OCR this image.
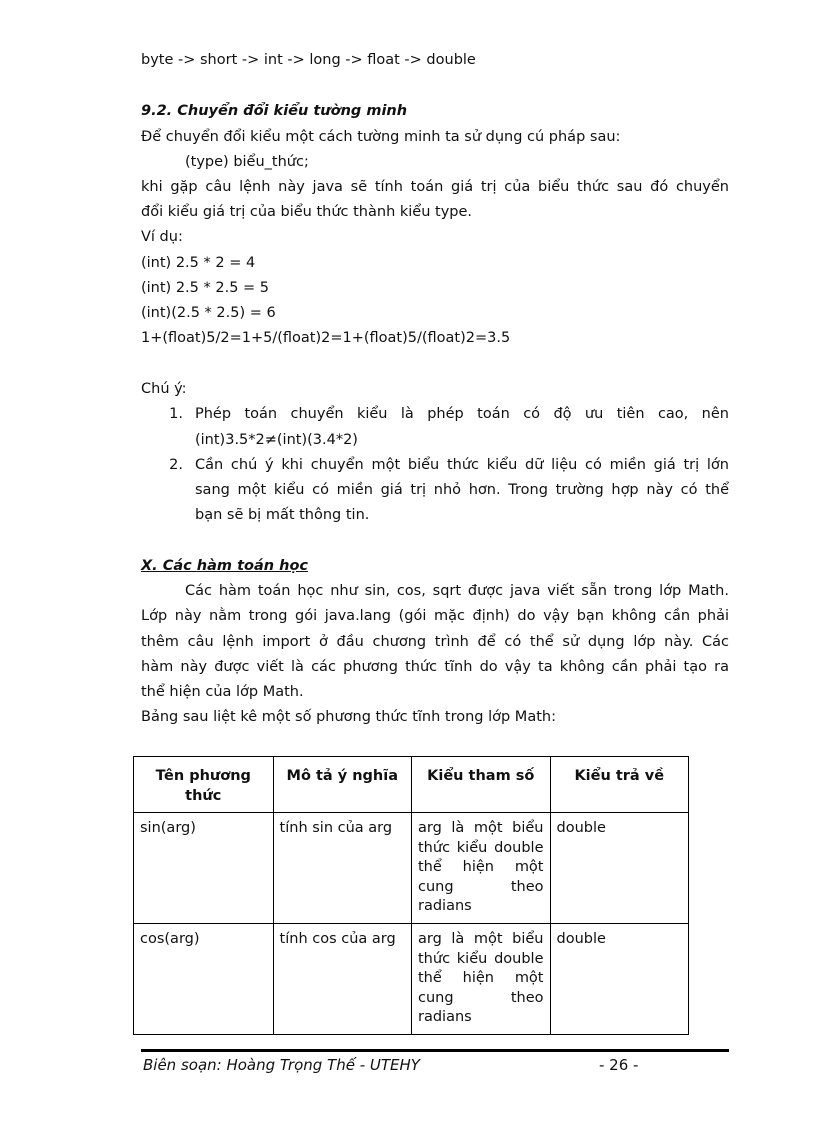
byte -> short -> int -> long -> float -> double
9.2. Chuyển đổi kiểu tường minh
Để chuyển đổi kiểu một cách tường minh ta sử dụng cú pháp sau:
(type) biểu_thức;
khi gặp câu lệnh này java sẽ tính toán giá trị của biểu thức sau đó chuyển
đổi kiểu giá trị của biểu thức thành kiểu type.
Ví dụ:
(int) 2.5 * 2 = 4
(int) 2.5 * 2.5 = 5
(int)(2.5 * 2.5) = 6
1+(float)5/2=1+5/(float)2=1+(float)5/(float)2=3.5
Chú ý:
1. Phép toán chuyển kiểu là phép toán có độ ưu tiên cao, nên
(int)3.5*2≠(int)(3.4*2)
2. Cần chú ý khi chuyển một biểu thức kiểu dữ liệu có miền giá trị lớn
sang một kiểu có miền giá trị nhỏ hơn. Trong trường hợp này có thể
bạn sẽ bị mất thông tin.
X. Các hàm toán học
Các hàm toán học như sin, cos, sqrt được java viết sẵn trong lớp Math.
Lớp này nằm trong gói java.lang (gói mặc định) do vậy bạn không cần phải
thêm câu lệnh import ở đầu chương trình để có thể sử dụng lớp này. Các
hàm này được viết là các phương thức tĩnh do vậy ta không cần phải tạo ra
thể hiện của lớp Math.
Bảng sau liệt kê một số phương thức tĩnh trong lớp Math:
Tên phương thức	Mô tả ý nghĩa	Kiểu tham số	Kiểu trả về
sin(arg)	tính sin của arg	arg là một biểu thức kiểu double thể hiện một cung theo radians	double
cos(arg)	tính cos của arg	arg là một biểu thức kiểu double thể hiện một cung theo radians	double
Biên soạn: Hoàng Trọng Thế - UTEHY	- 26 -
